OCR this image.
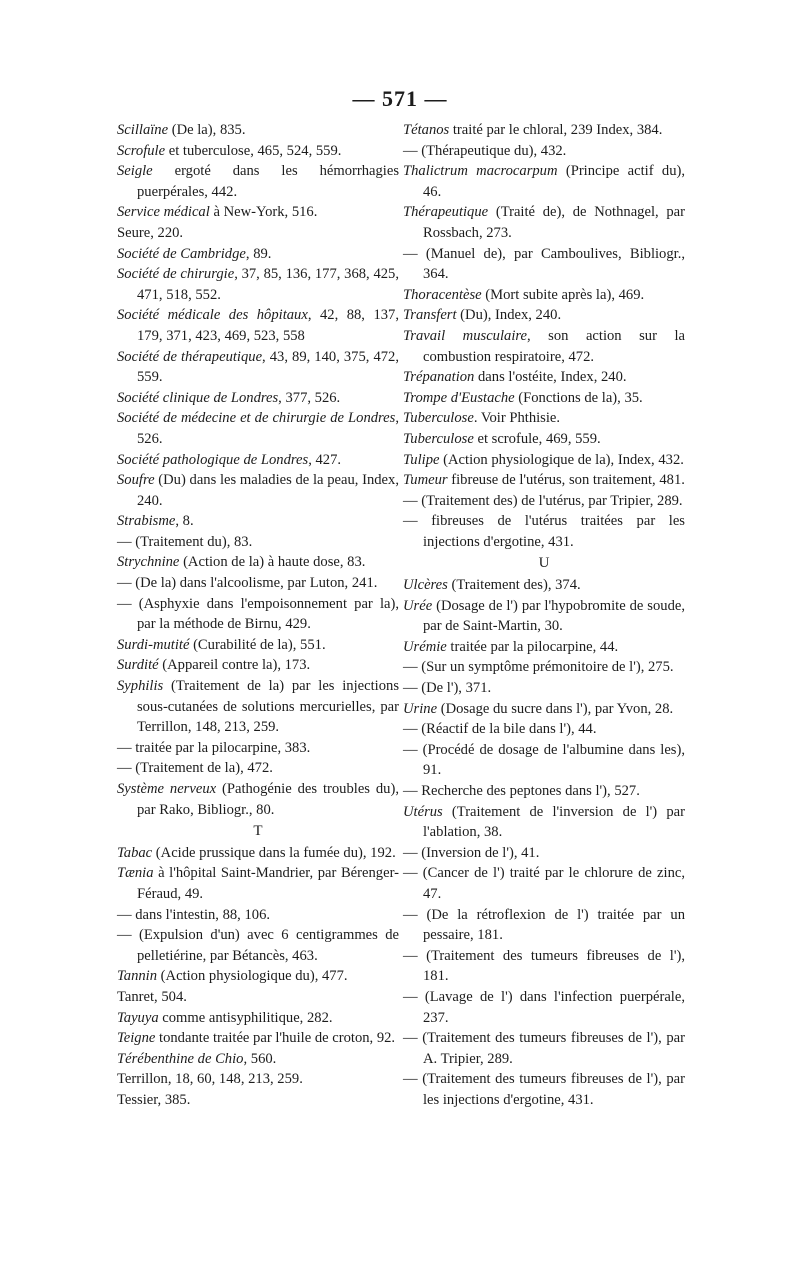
— 571 —

Scillaïne (De la), 835.

Scrofule et tuberculose, 465, 524, 559.

Seigle ergoté dans les hémorrhagies puerpérales, 442.

Service médical à New-York, 516.

Seure, 220.

Société de Cambridge, 89.

Société de chirurgie, 37, 85, 136, 177, 368, 425, 471, 518, 552.

Société médicale des hôpitaux, 42, 88, 137, 179, 371, 423, 469, 523, 558

Société de thérapeutique, 43, 89, 140, 375, 472, 559.

Société clinique de Londres, 377, 526.

Société de médecine et de chirurgie de Londres, 526.

Société pathologique de Londres, 427.

Soufre (Du) dans les maladies de la peau, Index, 240.

Strabisme, 8.

— (Traitement du), 83.

Strychnine (Action de la) à haute dose, 83.

— (De la) dans l'alcoolisme, par Luton, 241.

— (Asphyxie dans l'empoisonnement par la), par la méthode de Birnu, 429.

Surdi-mutité (Curabilité de la), 551.

Surdité (Appareil contre la), 173.

Syphilis (Traitement de la) par les injections sous-cutanées de solutions mercurielles, par Terrillon, 148, 213, 259.

— traitée par la pilocarpine, 383.

— (Traitement de la), 472.

Système nerveux (Pathogénie des troubles du), par Rako, Bibliogr., 80.

T

Tabac (Acide prussique dans la fumée du), 192.

Tænia à l'hôpital Saint-Mandrier, par Bérenger-Féraud, 49.

— dans l'intestin, 88, 106.

— (Expulsion d'un) avec 6 centigrammes de pelletiérine, par Bétancès, 463.

Tannin (Action physiologique du), 477.

Tanret, 504.

Tayuya comme antisyphilitique, 282.

Teigne tondante traitée par l'huile de croton, 92.

Térébenthine de Chio, 560.

Terrillon, 18, 60, 148, 213, 259.

Tessier, 385.

Tétanos traité par le chloral, 239 Index, 384.

— (Thérapeutique du), 432.

Thalictrum macrocarpum (Principe actif du), 46.

Thérapeutique (Traité de), de Nothnagel, par Rossbach, 273.

— (Manuel de), par Camboulives, Bibliogr., 364.

Thoracentèse (Mort subite après la), 469.

Transfert (Du), Index, 240.

Travail musculaire, son action sur la combustion respiratoire, 472.

Trépanation dans l'ostéite, Index, 240.

Trompe d'Eustache (Fonctions de la), 35.

Tuberculose. Voir Phthisie.

Tuberculose et scrofule, 469, 559.

Tulipe (Action physiologique de la), Index, 432.

Tumeur fibreuse de l'utérus, son traitement, 481.

— (Traitement des) de l'utérus, par Tripier, 289.

— fibreuses de l'utérus traitées par les injections d'ergotine, 431.

U

Ulcères (Traitement des), 374.

Urée (Dosage de l') par l'hypobromite de soude, par de Saint-Martin, 30.

Urémie traitée par la pilocarpine, 44.

— (Sur un symptôme prémonitoire de l'), 275.

— (De l'), 371.

Urine (Dosage du sucre dans l'), par Yvon, 28.

— (Réactif de la bile dans l'), 44.

— (Procédé de dosage de l'albumine dans les), 91.

— Recherche des peptones dans l'), 527.

Utérus (Traitement de l'inversion de l') par l'ablation, 38.

— (Inversion de l'), 41.

— (Cancer de l') traité par le chlorure de zinc, 47.

— (De la rétroflexion de l') traitée par un pessaire, 181.

— (Traitement des tumeurs fibreuses de l'), 181.

— (Lavage de l') dans l'infection puerpérale, 237.

— (Traitement des tumeurs fibreuses de l'), par A. Tripier, 289.

— (Traitement des tumeurs fibreuses de l'), par les injections d'ergotine, 431.
